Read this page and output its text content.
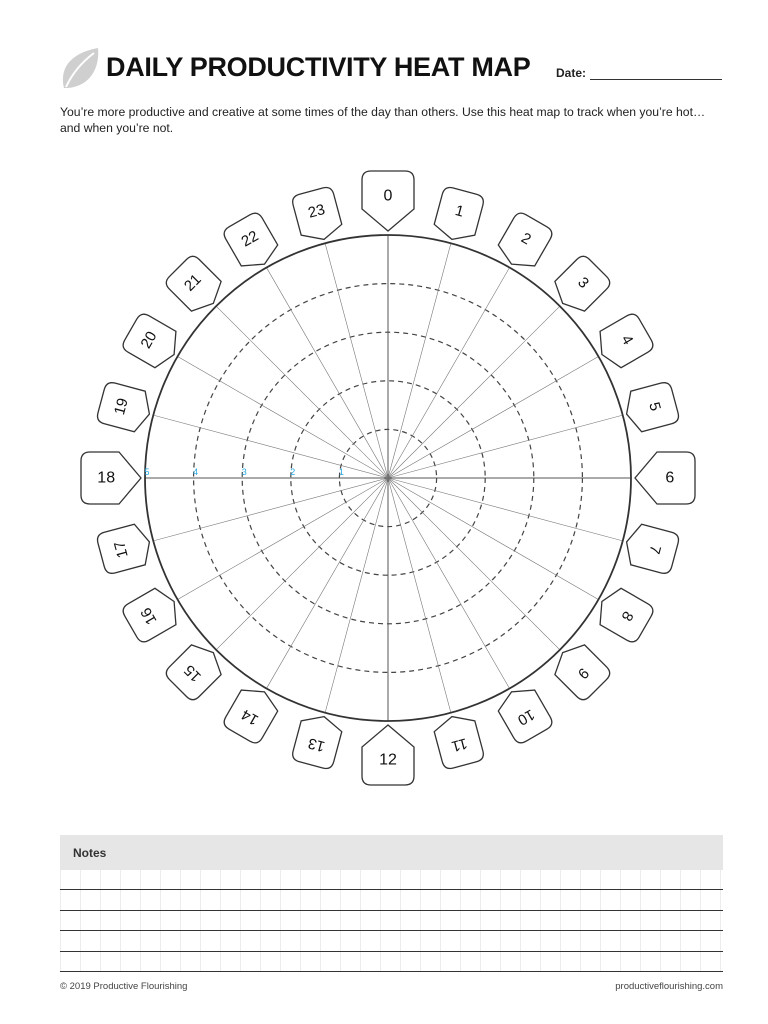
DAILY PRODUCTIVITY HEAT MAP Date:
You’re more productive and creative at some times of the day than others. Use this heat map to track when you’re hot… and when you’re not.
1
2
3
4
5
0
1
2
3
4
5
6
7
8
9
10
11
12
13
14
15
16
17
18
19
20
21
22
23
Notes
© 2019 Productive Flourishing	productiveflourishing.com
